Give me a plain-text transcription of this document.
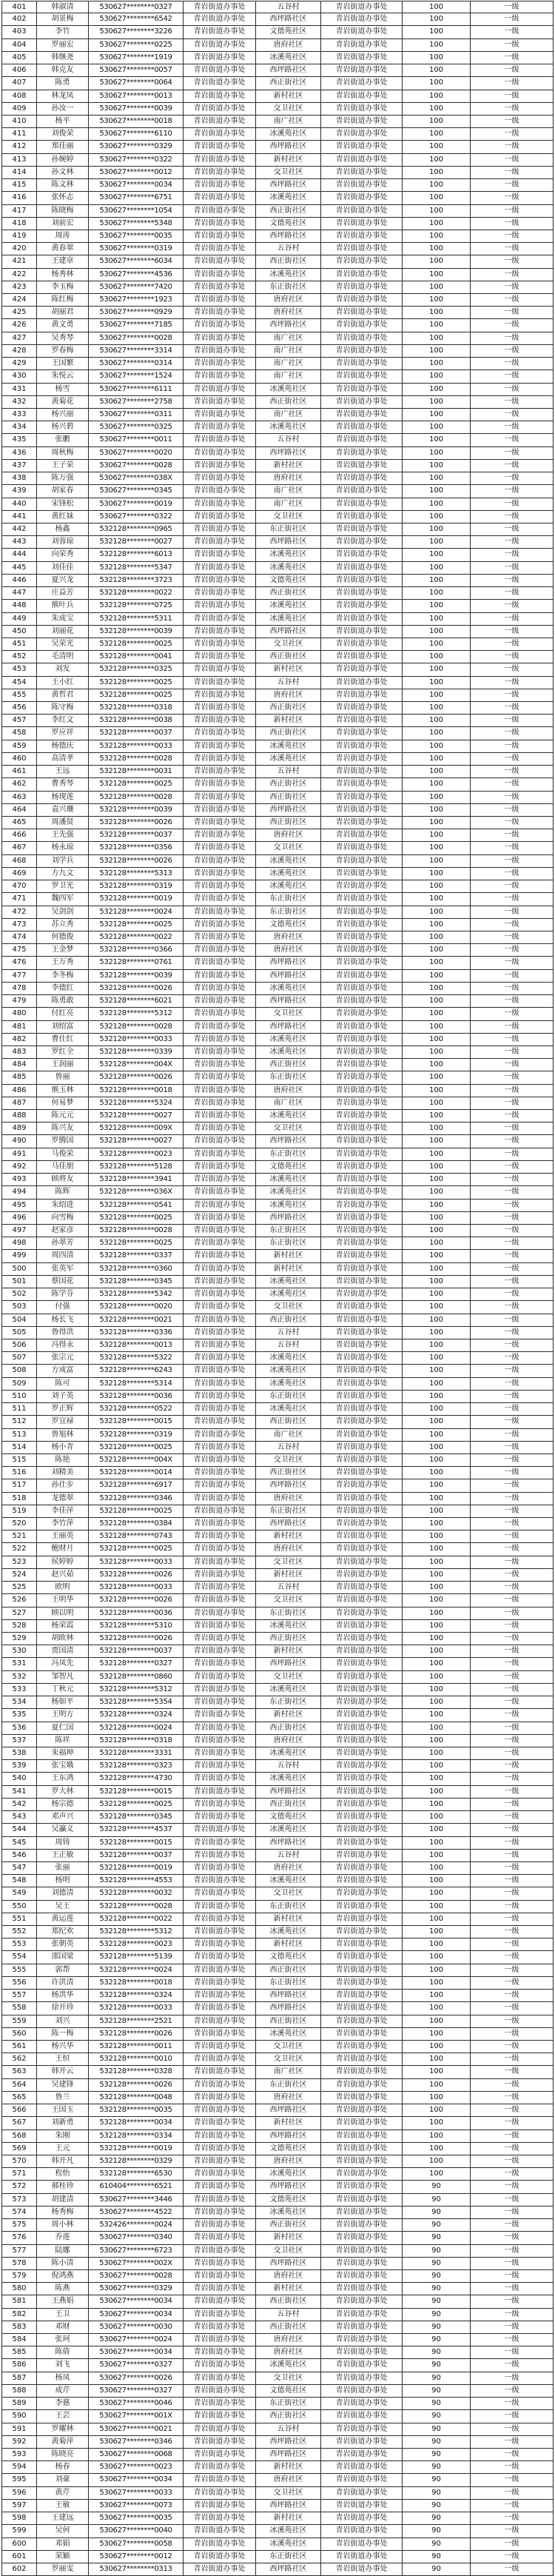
401	韩淑清	530627********0327	青岩街道办事处	五谷村	青岩街道办事处	100	一级
402	胡景梅	530627********6542	青岩街道办事处	西坪路社区	青岩街道办事处	100	一级
403	李竹	530627********3226	青岩街道办事处	文德苑社区	青岩街道办事处	100	一级
404	罗丽宏	530627********0225	青岩街道办事处	唐府社区	青岩街道办事处	100	一级
405	韩继尧	530627********1919	青岩街道办事处	冰溪苑社区	青岩街道办事处	100	一级
406	韩克友	530627********0057	青岩街道办事处	西坪路社区	青岩街道办事处	100	一级
407	陈勇	530627********0064	青岩街道办事处	西正街社区	青岩街道办事处	100	一级
408	林龙凤	530627********0013	青岩街道办事处	新村社区	青岩街道办事处	100	一级
409	孙汝一	530627********0039	青岩街道办事处	交卫社区	青岩街道办事处	100	一级
410	杨平	530627********0018	青岩街道办事处	南广社区	青岩街道办事处	100	一级
411	刘俊荣	530627********6110	青岩街道办事处	冰溪苑社区	青岩街道办事处	100	一级
412	郑佳丽	530627********0329	青岩街道办事处	西坪路社区	青岩街道办事处	100	一级
413	孙婉婷	530627********0322	青岩街道办事处	新村社区	青岩街道办事处	100	一级
414	孙文林	530627********0012	青岩街道办事处	交卫社区	青岩街道办事处	100	一级
415	陈文林	530627********0034	青岩街道办事处	西坪路社区	青岩街道办事处	100	一级
416	张怀志	530627********6751	青岩街道办事处	冰溪苑社区	青岩街道办事处	100	一级
417	陈晓梅	530627********1054	青岩街道办事处	西正街社区	青岩街道办事处	100	一级
418	刘前宏	530627********5348	青岩街道办事处	文德苑社区	青岩街道办事处	100	一级
419	周涛	530627********0035	青岩街道办事处	西坪路社区	青岩街道办事处	100	一级
420	黄春翠	530627********0319	青岩街道办事处	五谷村	青岩街道办事处	100	一级
421	王建章	530627********6034	青岩街道办事处	西正街社区	青岩街道办事处	100	一级
422	杨秀林	530627********4536	青岩街道办事处	冰溪苑社区	青岩街道办事处	100	一级
423	李玉梅	530627********7420	青岩街道办事处	东正街社区	青岩街道办事处	100	一级
424	陈红梅	530627********1923	青岩街道办事处	唐府社区	青岩街道办事处	100	一级
425	胡丽君	530627********0929	青岩街道办事处	唐府社区	青岩街道办事处	100	一级
426	黄文勇	530627********7185	青岩街道办事处	西坪路社区	青岩街道办事处	100	一级
427	吴秀琴	530627********0028	青岩街道办事处	南广社区	青岩街道办事处	100	一级
428	罗春梅	530627********3314	青岩街道办事处	南广社区	青岩街道办事处	100	一级
429	王国繁	530627********0314	青岩街道办事处	南广社区	青岩街道办事处	100	一级
430	朱悦云	530627********1524	青岩街道办事处	南广社区	青岩街道办事处	100	一级
431	杨雪	530627********6111	青岩街道办事处	冰溪苑社区	青岩街道办事处	100	一级
432	黄菊花	530627********2758	青岩街道办事处	西正街社区	青岩街道办事处	100	一级
433	杨兴丽	530627********0311	青岩街道办事处	南广社区	青岩街道办事处	100	一级
434	杨兴碧	530627********0325	青岩街道办事处	冰溪苑社区	青岩街道办事处	100	一级
435	张鹏	530627********0011	青岩街道办事处	五谷村	青岩街道办事处	100	一级
436	周秋梅	530627********0020	青岩街道办事处	西坪路社区	青岩街道办事处	100	一级
437	王子荣	530627********0028	青岩街道办事处	新村社区	青岩街道办事处	100	一级
438	陈万强	530627********038X	青岩街道办事处	唐府社区	青岩街道办事处	100	一级
439	胡家春	530627********0345	青岩街道办事处	南广社区	青岩街道办事处	100	一级
440	宋锋松	530627********0019	青岩街道办事处	南广社区	青岩街道办事处	100	一级
441	黄红妹	530627********0322	青岩街道办事处	交卫社区	青岩街道办事处	100	一级
442	杨鑫	532128********0965	青岩街道办事处	东正街社区	青岩街道办事处	100	一级
443	刘蓉琼	532128********0027	青岩街道办事处	西坪路社区	青岩街道办事处	100	一级
444	向荣秀	532128********6013	青岩街道办事处	冰溪苑社区	青岩街道办事处	100	一级
445	刘佳佳	532128********5347	青岩街道办事处	冰溪苑社区	青岩街道办事处	100	一级
446	夏兴龙	532128********3723	青岩街道办事处	文德苑社区	青岩街道办事处	100	一级
447	庄益芳	532128********0022	青岩街道办事处	西正街社区	青岩街道办事处	100	一级
448	熊叶兵	532128********0725	青岩街道办事处	冰溪苑社区	青岩街道办事处	100	一级
449	朱成宝	532128********5311	青岩街道办事处	冰溪苑社区	青岩街道办事处	100	一级
450	刘丽花	532128********0039	青岩街道办事处	西坪路社区	青岩街道办事处	100	一级
451	吴荣光	532128********0025	青岩街道办事处	交卫社区	青岩街道办事处	100	一级
452	毛清明	532128********0041	青岩街道办事处	西正街社区	青岩街道办事处	100	一级
453	刘发	532128********0325	青岩街道办事处	新村社区	青岩街道办事处	100	一级
454	王小红	532128********0025	青岩街道办事处	五谷村	青岩街道办事处	100	一级
455	黄哲君	532128********0025	青岩街道办事处	唐府社区	青岩街道办事处	100	一级
456	陈守梅	532128********0318	青岩街道办事处	西正街社区	青岩街道办事处	100	一级
457	李红文	532128********0038	青岩街道办事处	新村社区	青岩街道办事处	100	一级
458	罗应祥	532128********0037	青岩街道办事处	西正街社区	青岩街道办事处	100	一级
459	杨德庆	532128********0033	青岩街道办事处	冰溪苑社区	青岩街道办事处	100	一级
460	高清孝	532128********0028	青岩街道办事处	冰溪苑社区	青岩街道办事处	100	一级
461	王远	532128********0031	青岩街道办事处	五谷村	青岩街道办事处	100	一级
462	曹秀琴	532128********0025	青岩街道办事处	西正街社区	青岩街道办事处	100	一级
463	杨现莲	532128********0028	青岩街道办事处	西正街社区	青岩街道办事处	100	一级
464	袁兴珊	532128********0039	青岩街道办事处	西坪路社区	青岩街道办事处	100	一级
465	周潘贤	532128********0026	青岩街道办事处	西正街社区	青岩街道办事处	100	一级
466	王先强	532128********0037	青岩街道办事处	唐府社区	青岩街道办事处	100	一级
467	杨永琼	532128********0356	青岩街道办事处	交卫社区	青岩街道办事处	100	一级
468	刘学兵	532128********0026	青岩街道办事处	冰溪苑社区	青岩街道办事处	100	一级
469	方九文	532128********5313	青岩街道办事处	冰溪苑社区	青岩街道办事处	100	一级
470	罗卫光	532128********0319	青岩街道办事处	冰溪苑社区	青岩街道办事处	100	一级
471	魏四军	532128********0019	青岩街道办事处	东正街社区	青岩街道办事处	100	一级
472	吴剑剑	532128********0024	青岩街道办事处	东正街社区	青岩街道办事处	100	一级
473	苏立秀	532128********0025	青岩街道办事处	文德苑社区	青岩街道办事处	100	一级
474	何德俊	532128********0022	青岩街道办事处	唐府社区	青岩街道办事处	100	一级
475	王金梦	532128********0366	青岩街道办事处	唐府社区	青岩街道办事处	100	一级
476	王万秀	532128********0761	青岩街道办事处	西坪路社区	青岩街道办事处	100	一级
477	李冬梅	532128********0039	青岩街道办事处	西坪路社区	青岩街道办事处	100	一级
478	李德红	532128********0026	青岩街道办事处	冰溪苑社区	青岩街道办事处	100	一级
479	陈勇敢	532128********6021	青岩街道办事处	西坪路社区	青岩街道办事处	100	一级
480	付红亮	532128********5312	青岩街道办事处	交卫社区	青岩街道办事处	100	一级
481	刘绍富	532128********0028	青岩街道办事处	西坪路社区	青岩街道办事处	100	一级
482	曹仕红	532128********0033	青岩街道办事处	冰溪苑社区	青岩街道办事处	100	一级
483	罗红全	532128********0339	青岩街道办事处	冰溪苑社区	青岩街道办事处	100	一级
484	王润丽	532128********004X	青岩街道办事处	西正街社区	青岩街道办事处	100	一级
485	鲁丽	532128********0026	青岩街道办事处	东正街社区	青岩街道办事处	100	一级
486	熊玉林	532128********0018	青岩街道办事处	唐府社区	青岩街道办事处	100	一级
487	何易梦	532128********5324	青岩街道办事处	南广社区	青岩街道办事处	100	一级
488	陈元元	532128********0027	青岩街道办事处	冰溪苑社区	青岩街道办事处	100	一级
489	陈兴友	532128********009X	青岩街道办事处	交卫社区	青岩街道办事处	100	一级
490	罗腾国	532128********0027	青岩街道办事处	西坪路社区	青岩街道办事处	100	一级
491	马俊荣	532128********0023	青岩街道办事处	东正街社区	青岩街道办事处	100	一级
492	马佳朋	532128********5128	青岩街道办事处	文德苑社区	青岩街道办事处	100	一级
493	顾将友	532128********3941	青岩街道办事处	冰溪苑社区	青岩街道办事处	100	一级
494	陈辉	532128********036X	青岩街道办事处	冰溪苑社区	青岩街道办事处	100	一级
495	朱绍进	532128********0541	青岩街道办事处	冰溪苑社区	青岩街道办事处	100	一级
496	向雪梅	532128********0025	青岩街道办事处	西坪路社区	青岩街道办事处	100	一级
497	赵家彦	532128********0028	青岩街道办事处	东正街社区	青岩街道办事处	100	一级
498	孙翠芳	532128********0025	青岩街道办事处	东正街社区	青岩街道办事处	100	一级
499	周四清	532128********0337	青岩街道办事处	新村社区	青岩街道办事处	100	一级
500	张英军	532128********0360	青岩街道办事处	新村社区	青岩街道办事处	100	一级
501	蔡国花	532128********0345	青岩街道办事处	冰溪苑社区	青岩街道办事处	100	一级
502	陈学芬	532128********5342	青岩街道办事处	冰溪苑社区	青岩街道办事处	100	一级
503	付强	532128********0020	青岩街道办事处	交卫社区	青岩街道办事处	100	一级
504	杨长飞	532128********0021	青岩街道办事处	西正街社区	青岩街道办事处	100	一级
505	鲁得洪	532128********0336	青岩街道办事处	五谷村	青岩街道办事处	100	一级
506	冯得永	532128********0013	青岩街道办事处	五谷村	青岩街道办事处	100	一级
507	张宗元	532128********5322	青岩街道办事处	冰溪苑社区	青岩街道办事处	100	一级
508	方成富	532128********6243	青岩街道办事处	冰溪苑社区	青岩街道办事处	100	一级
509	陈可	532128********5314	青岩街道办事处	冰溪苑社区	青岩街道办事处	100	一级
510	刘子英	532128********0036	青岩街道办事处	东正街社区	青岩街道办事处	100	一级
511	罗正辉	532128********0522	青岩街道办事处	冰溪苑社区	青岩街道办事处	100	一级
512	罗宜禄	532128********0015	青岩街道办事处	西正街社区	青岩街道办事处	100	一级
513	鲁旭林	532128********0319	青岩街道办事处	南广社区	青岩街道办事处	100	一级
514	杨小青	532128********0025	青岩街道办事处	五谷村	青岩街道办事处	100	一级
515	陈艳	532128********004X	青岩街道办事处	交卫社区	青岩街道办事处	100	一级
516	刘精美	532128********0014	青岩街道办事处	西正街社区	青岩街道办事处	100	一级
517	孙仕步	532128********6917	青岩街道办事处	西坪路社区	青岩街道办事处	100	一级
518	龙德翠	532128********0346	青岩街道办事处	唐府社区	青岩街道办事处	100	一级
519	李佳萍	532128********0025	青岩街道办事处	东正街社区	青岩街道办事处	100	一级
520	李竹萍	532128********0384	青岩街道办事处	西坪路社区	青岩街道办事处	100	一级
521	王丽英	532128********0743	青岩街道办事处	新村社区	青岩街道办事处	100	一级
522	鲍财月	532128********0025	青岩街道办事处	唐府社区	青岩街道办事处	100	一级
523	侯婷婷	532128********0033	青岩街道办事处	交卫社区	青岩街道办事处	100	一级
524	赵兴茹	532128********0026	青岩街道办事处	新村社区	青岩街道办事处	100	一级
525	欧明	532128********0033	青岩街道办事处	五谷村	青岩街道办事处	100	一级
526	王明华	532128********0026	青岩街道办事处	交卫社区	青岩街道办事处	100	一级
527	顾以明	532128********0036	青岩街道办事处	东正街社区	青岩街道办事处	100	一级
528	杨荣霞	532128********5310	青岩街道办事处	冰溪苑社区	青岩街道办事处	100	一级
529	胡欧林	532128********0026	青岩街道办事处	西正街社区	青岩街道办事处	100	一级
530	贾国清	532128********0037	青岩街道办事处	新村社区	青岩街道办事处	100	一级
531	冯凤先	532128********0327	青岩街道办事处	西坪路社区	青岩街道办事处	100	一级
532	邹智凡	532128********0860	青岩街道办事处	交卫社区	青岩街道办事处	100	一级
533	丁秋元	532128********5312	青岩街道办事处	冰溪苑社区	青岩街道办事处	100	一级
534	杨如平	532128********5354	青岩街道办事处	东正街社区	青岩街道办事处	100	一级
535	王明方	532128********0324	青岩街道办事处	新村社区	青岩街道办事处	100	一级
536	夏仁国	532128********0024	青岩街道办事处	西正街社区	青岩街道办事处	100	一级
537	陈祥	532128********0318	青岩街道办事处	唐府社区	青岩街道办事处	100	一级
538	朱福坤	532128********3331	青岩街道办事处	冰溪苑社区	青岩街道办事处	100	一级
539	张宝娥	532128********0323	青岩街道办事处	五谷村	青岩街道办事处	100	一级
540	王东鸿	532128********4730	青岩街道办事处	冰溪苑社区	青岩街道办事处	100	一级
541	罗大林	532128********0015	青岩街道办事处	西坪路社区	青岩街道办事处	100	一级
542	杨宗德	532128********0025	青岩街道办事处	西正街社区	青岩街道办事处	100	一级
543	邓声兴	532128********0345	青岩街道办事处	文德苑社区	青岩街道办事处	100	一级
544	吴瀛义	532128********4537	青岩街道办事处	冰溪苑社区	青岩街道办事处	100	一级
545	周铸	532128********0015	青岩街道办事处	西坪路社区	青岩街道办事处	100	一级
546	王正敏	532128********0037	青岩街道办事处	五谷村	青岩街道办事处	100	一级
547	张丽	532128********0019	青岩街道办事处	唐府社区	青岩街道办事处	100	一级
548	杨明	532128********4553	青岩街道办事处	冰溪苑社区	青岩街道办事处	100	一级
549	刘德清	532128********0032	青岩街道办事处	交卫社区	青岩街道办事处	100	一级
550	吴王	532128********0028	青岩街道办事处	东正街社区	青岩街道办事处	100	一级
551	黄运莲	532128********0022	青岩街道办事处	新村社区	青岩街道办事处	100	一级
552	郑纪欢	532128********5312	青岩街道办事处	冰溪苑社区	青岩街道办事处	100	一级
553	张朝英	532128********0023	青岩街道办事处	新村社区	青岩街道办事处	100	一级
554	邵国梁	532128********5139	青岩街道办事处	文德苑社区	青岩街道办事处	100	一级
555	郭帮	532128********0024	青岩街道办事处	西正街社区	青岩街道办事处	100	一级
556	许洪清	532128********0018	青岩街道办事处	东正街社区	青岩街道办事处	100	一级
557	杨洪华	532128********0324	青岩街道办事处	西坪路社区	青岩街道办事处	100	一级
558	徐开珍	532128********0033	青岩街道办事处	西坪路社区	青岩街道办事处	100	一级
559	刘兴	532128********2521	青岩街道办事处	西正街社区	青岩街道办事处	100	一级
560	陈一梅	532128********0026	青岩街道办事处	冰溪苑社区	青岩街道办事处	100	一级
561	杨兴华	532128********0011	青岩街道办事处	交卫社区	青岩街道办事处	100	一级
562	王恒	532128********0010	青岩街道办事处	交卫社区	青岩街道办事处	100	一级
563	韩开云	532128********0328	青岩街道办事处	南广社区	青岩街道办事处	100	一级
564	吴建锋	532128********0026	青岩街道办事处	东正街社区	青岩街道办事处	100	一级
565	鲁兰	532128********0048	青岩街道办事处	唐府社区	青岩街道办事处	100	一级
566	王国玉	532128********0035	青岩街道办事处	西坪路社区	青岩街道办事处	100	一级
567	刘新勇	532128********0034	青岩街道办事处	新村社区	青岩街道办事处	100	一级
568	朱刚	532128********0334	青岩街道办事处	西坪路社区	青岩街道办事处	100	一级
569	王元	532128********0019	青岩街道办事处	文德苑社区	青岩街道办事处	100	一级
570	韩开凡	532128********0329	青岩街道办事处	唐府社区	青岩街道办事处	100	一级
571	程怡	532128********6530	青岩街道办事处	冰溪苑社区	青岩街道办事处	100	一级
572	郝桂珍	610404********6521	青岩街道办事处	西坪路社区	青岩街道办事处	90	一级
573	胡建清	530627********3446	青岩街道办事处	文德苑社区	青岩街道办事处	90	一级
574	杨秀梅	530627********4522	青岩街道办事处	冰溪苑社区	青岩街道办事处	90	一级
575	周小林	532426********0024	青岩街道办事处	西正街社区	青岩街道办事处	90	一级
576	乔莲	530627********0340	青岩街道办事处	新村社区	青岩街道办事处	90	一级
577	陆娜	530627********6723	青岩街道办事处	交卫社区	青岩街道办事处	90	一级
578	陈小清	530627********002X	青岩街道办事处	西坪路社区	青岩街道办事处	90	一级
579	倪鸿燕	530627********0028	青岩街道办事处	唐府社区	青岩街道办事处	90	一级
580	陈燕	530627********0329	青岩街道办事处	新村社区	青岩街道办事处	90	一级
581	王燕娟	530627********0034	青岩街道办事处	西正街社区	青岩街道办事处	90	一级
582	王卫	530627********0034	青岩街道办事处	五谷村	青岩街道办事处	90	一级
583	邓财	530627********0030	青岩街道办事处	西正街社区	青岩街道办事处	90	一级
584	张珂	530627********0024	青岩街道办事处	唐府社区	青岩街道办事处	90	一级
585	陈倩	530627********0034	青岩街道办事处	唐府社区	青岩街道办事处	90	一级
586	刘飞	530627********0327	青岩街道办事处	冰溪苑社区	青岩街道办事处	90	一级
587	杨凤	530627********0026	青岩街道办事处	交卫社区	青岩街道办事处	90	一级
588	成芹	530627********0327	青岩街道办事处	文德苑社区	青岩街道办事处	90	一级
589	李慈	530627********0046	青岩街道办事处	东正街社区	青岩街道办事处	90	一级
590	王芸	530627********001X	青岩街道办事处	西正街社区	青岩街道办事处	90	一级
591	罗耀林	530627********0021	青岩街道办事处	五谷村	青岩街道办事处	90	一级
592	黄菊萍	530627********0346	青岩街道办事处	西坪路社区	青岩街道办事处	90	一级
593	陈晓亮	530627********0068	青岩街道办事处	西坪路社区	青岩街道办事处	90	一级
594	杨春	530627********0023	青岩街道办事处	新村社区	青岩街道办事处	90	一级
595	刘豪	530627********0034	青岩街道办事处	唐府社区	青岩街道办事处	90	一级
596	黄芹	530627********0033	青岩街道办事处	交卫社区	青岩街道办事处	90	一级
597	王敏	530627********0073	青岩街道办事处	西坪路社区	青岩街道办事处	90	一级
598	王建远	530627********0035	青岩街道办事处	新村社区	青岩街道办事处	90	一级
599	吴何	530627********0040	青岩街道办事处	冰溪苑社区	青岩街道办事处	90	一级
600	邓娟	530627********0058	青岩街道办事处	冰溪苑社区	青岩街道办事处	90	一级
601	荣颖	530627********0012	青岩街道办事处	东正街社区	青岩街道办事处	90	一级
602	罗丽雯	530627********0313	青岩街道办事处	西坪路社区	青岩街道办事处	90	一级
